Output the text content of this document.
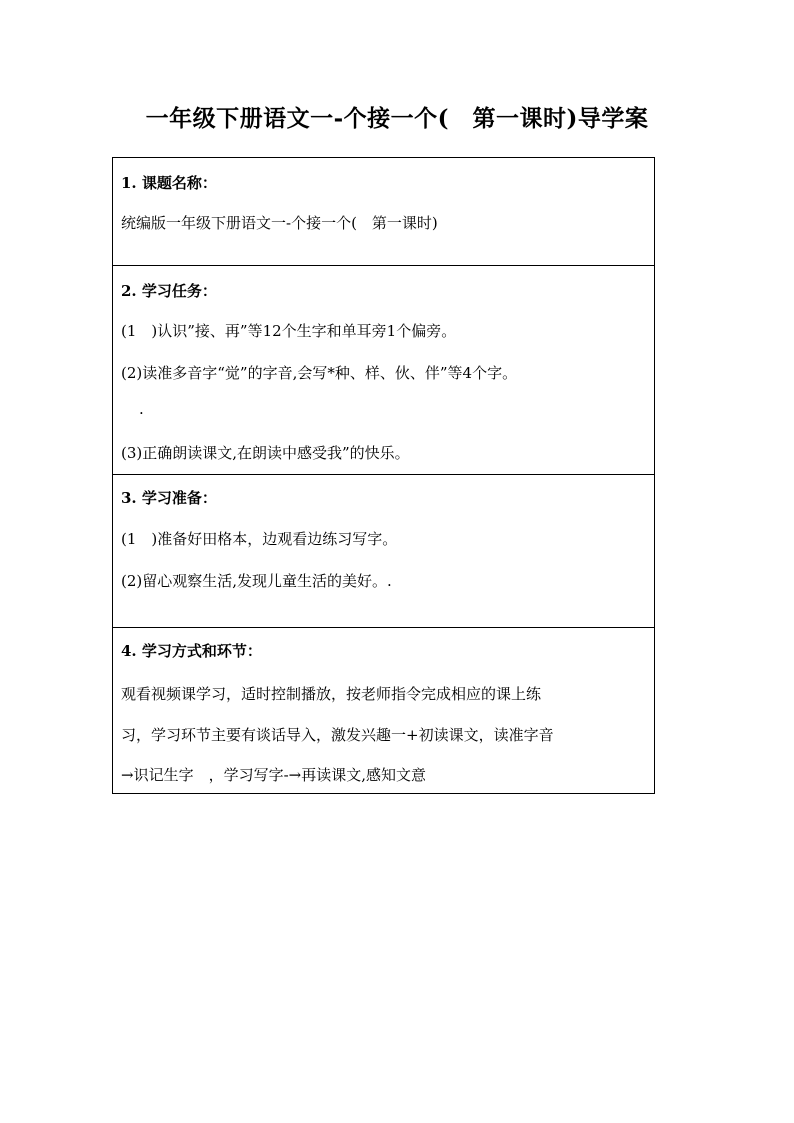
一年级下册语文一-个接一个(　第一课时)导学案
1. 课题名称：
统编版一年级下册语文一-个接一个(　第一课时)
2. 学习任务：
(1　)认识”接、再”等12个生字和单耳旁1个偏旁。
(2)读准多音字“觉”的字音,会写*种、样、伙、伴”等4个字。
.
(3)正确朗读课文,在朗读中感受我”的快乐。
3. 学习准备：
(1　)准备好田格本，边观看边练习写字。
(2)留心观察生活,发现儿童生活的美好。.
4. 学习方式和环节：
观看视频课学习，适时控制播放，按老师指令完成相应的课上练
习，学习环节主要有谈话导入，激发兴趣一+初读课文，读准字音
→识记生字　，学习写字-→再读课文,感知文意
